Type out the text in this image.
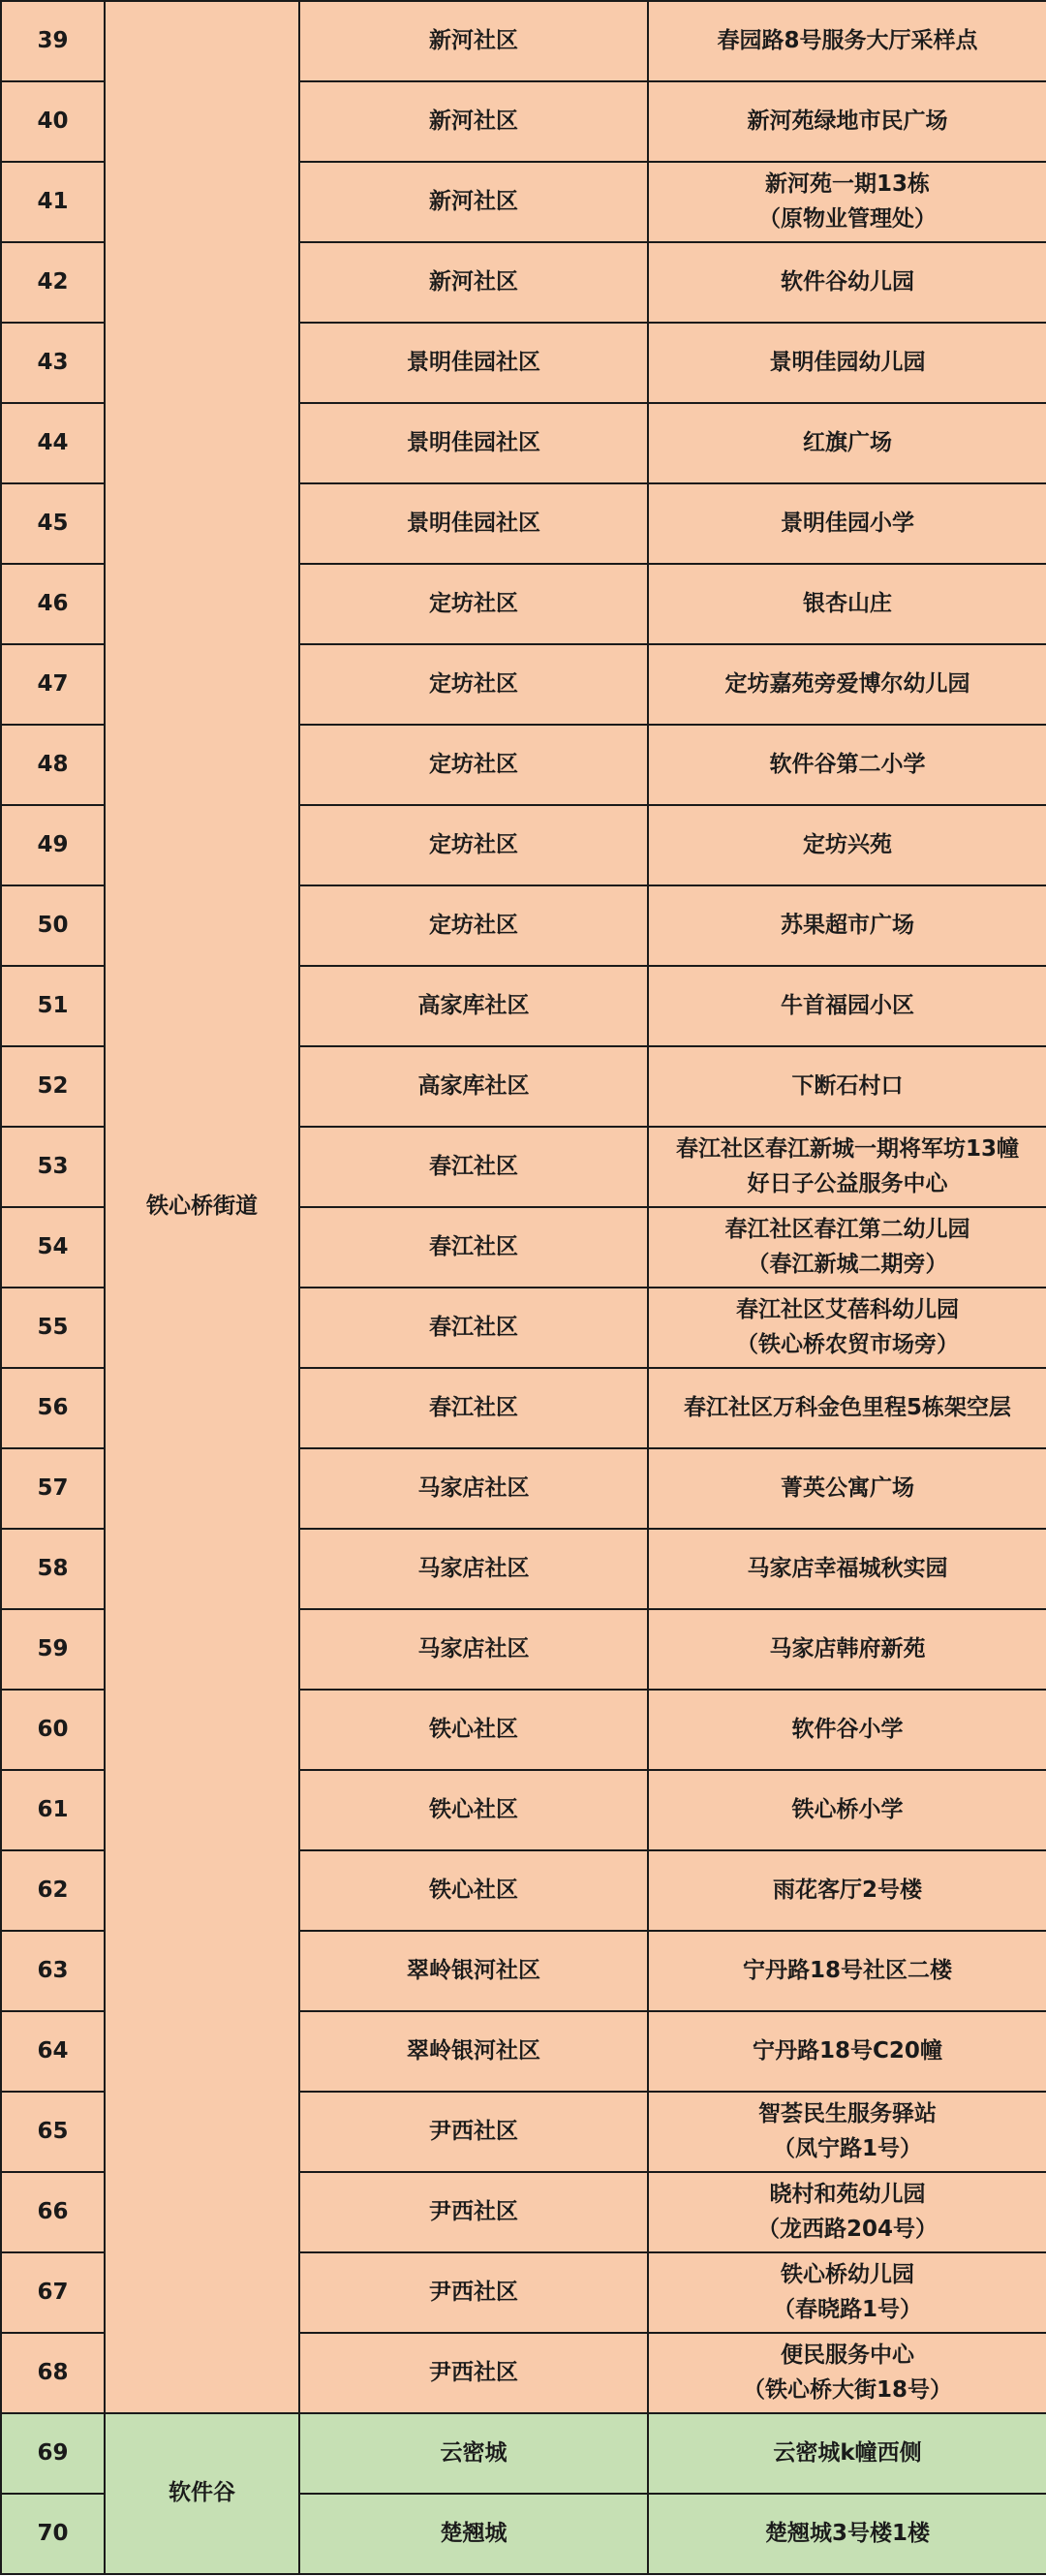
39	铁心桥街道	新河社区	春园路8号服务大厅采样点
40		新河社区	新河苑绿地市民广场
41		新河社区	新河苑一期13栋
（原物业管理处）
42		新河社区	软件谷幼儿园
43		景明佳园社区	景明佳园幼儿园
44		景明佳园社区	红旗广场
45		景明佳园社区	景明佳园小学
46		定坊社区	银杏山庄
47		定坊社区	定坊嘉苑旁爱博尔幼儿园
48		定坊社区	软件谷第二小学
49		定坊社区	定坊兴苑
50		定坊社区	苏果超市广场
51		高家库社区	牛首福园小区
52		高家库社区	下断石村口
53		春江社区	春江社区春江新城一期将军坊13幢
好日子公益服务中心
54		春江社区	春江社区春江第二幼儿园
（春江新城二期旁）
55		春江社区	春江社区艾蓓科幼儿园
（铁心桥农贸市场旁）
56		春江社区	春江社区万科金色里程5栋架空层
57		马家店社区	菁英公寓广场
58		马家店社区	马家店幸福城秋实园
59		马家店社区	马家店韩府新苑
60		铁心社区	软件谷小学
61		铁心社区	铁心桥小学
62		铁心社区	雨花客厅2号楼
63		翠岭银河社区	宁丹路18号社区二楼
64		翠岭银河社区	宁丹路18号C20幢
65		尹西社区	智荟民生服务驿站
（凤宁路1号）
66		尹西社区	晓村和苑幼儿园
（龙西路204号）
67		尹西社区	铁心桥幼儿园
（春晓路1号）
68		尹西社区	便民服务中心
（铁心桥大街18号）
69	软件谷	云密城	云密城k幢西侧
70		楚翘城	楚翘城3号楼1楼
